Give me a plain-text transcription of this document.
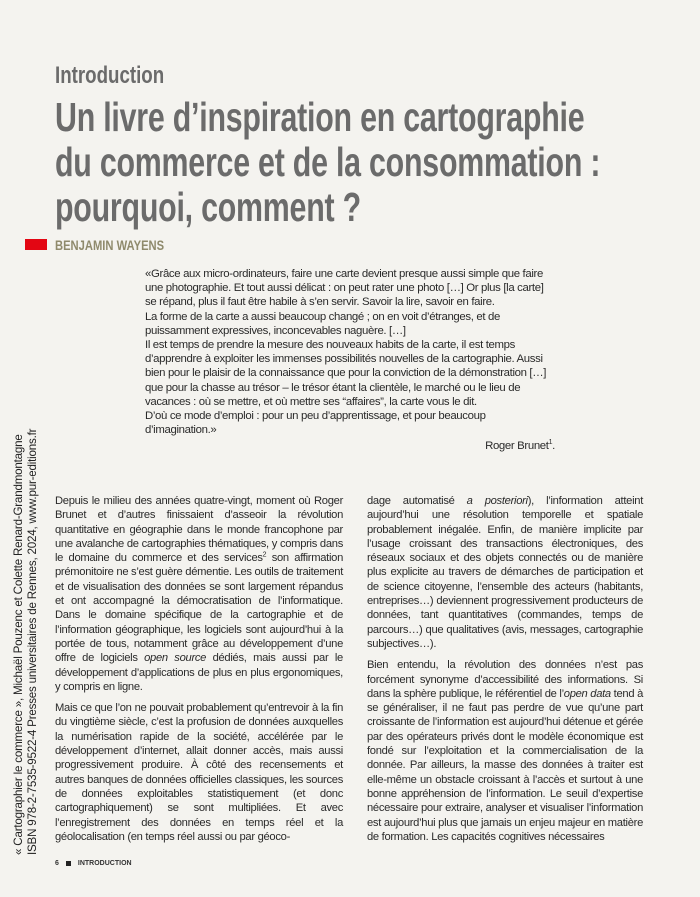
Introduction
Un livre d’inspiration en cartographie
du commerce et de la consommation :
pourquoi, comment ?
BENJAMIN WAYENS

«Grâce aux micro-ordinateurs, faire une carte devient presque aussi simple que faire une photographie. Et tout aussi délicat : on peut rater une photo […] Or plus [la carte] se répand, plus il faut être habile à s’en servir. Savoir la lire, savoir en faire.

La forme de la carte a aussi beaucoup changé ; on en voit d’étranges, et de puissamment expressives, inconcevables naguère. […]

Il est temps de prendre la mesure des nouveaux habits de la carte, il est temps d’apprendre à exploiter les immenses possibilités nouvelles de la cartographie. Aussi bien pour le plaisir de la connaissance que pour la conviction de la démonstration […] que pour la chasse au trésor – le trésor étant la clientèle, le marché ou le lieu de vacances : où se mettre, et où mettre ses “affaires”, la carte vous le dit.

D’où ce mode d’emploi : pour un peu d’apprentissage, et pour beaucoup d’imagination.»

Roger Brunet$^1$.

Depuis le milieu des années quatre-vingt, moment où Roger Brunet et d’autres finissaient d’asseoir la révolution quantitative en géographie dans le monde francophone par une avalanche de cartographies thématiques, y compris dans le domaine du commerce et des services$^2$ son affirmation prémonitoire ne s’est guère démentie. Les outils de traitement et de visualisation des données se sont largement répandus et ont accompagné la démocratisation de l’informatique. Dans le domaine spécifique de la cartographie et de l’information géographique, les logiciels sont aujourd’hui à la portée de tous, notamment grâce au développement d’une offre de logiciels open source dédiés, mais aussi par le développement d’applications de plus en plus ergonomiques, y compris en ligne.

Mais ce que l’on ne pouvait probablement qu’entrevoir à la fin du vingtième siècle, c’est la profusion de données auxquelles la numérisation rapide de la société, accélérée par le développement d’internet, allait donner accès, mais aussi progressivement produire. À côté des recensements et autres banques de données officielles classiques, les sources de données exploitables statistiquement (et donc cartographiquement) se sont multipliées. Et avec l’enregistrement des données en temps réel et la géolocalisation (en temps réel aussi ou par géoco-

dage automatisé a posteriori), l’information atteint aujourd’hui une résolution temporelle et spatiale probablement inégalée. Enfin, de manière implicite par l’usage croissant des transactions électroniques, des réseaux sociaux et des objets connectés ou de manière plus explicite au travers de démarches de participation et de science citoyenne, l’ensemble des acteurs (habitants, entreprises…) deviennent progressivement producteurs de données, tant quantitatives (commandes, temps de parcours…) que qualitatives (avis, messages, cartographie subjectives…).

Bien entendu, la révolution des données n’est pas forcément synonyme d’accessibilité des informations. Si dans la sphère publique, le référentiel de l’open data tend à se généraliser, il ne faut pas perdre de vue qu’une part croissante de l’information est aujourd’hui détenue et gérée par des opérateurs privés dont le modèle économique est fondé sur l’exploitation et la commercialisation de la donnée. Par ailleurs, la masse des données à traiter est elle-même un obstacle croissant à l’accès et surtout à une bonne appréhension de l’information. Le seuil d’expertise nécessaire pour extraire, analyser et visualiser l’information est aujourd’hui plus que jamais un enjeu majeur en matière de formation. Les capacités cognitives nécessaires

« Cartographier le commerce », Michaël Pouzenc et Colette Renard-Grandmontagne ISBN 978-2-7535-9522-4 Presses universitaires de Rennes, 2024, www.pur-editions.fr
6	INTRODUCTION
